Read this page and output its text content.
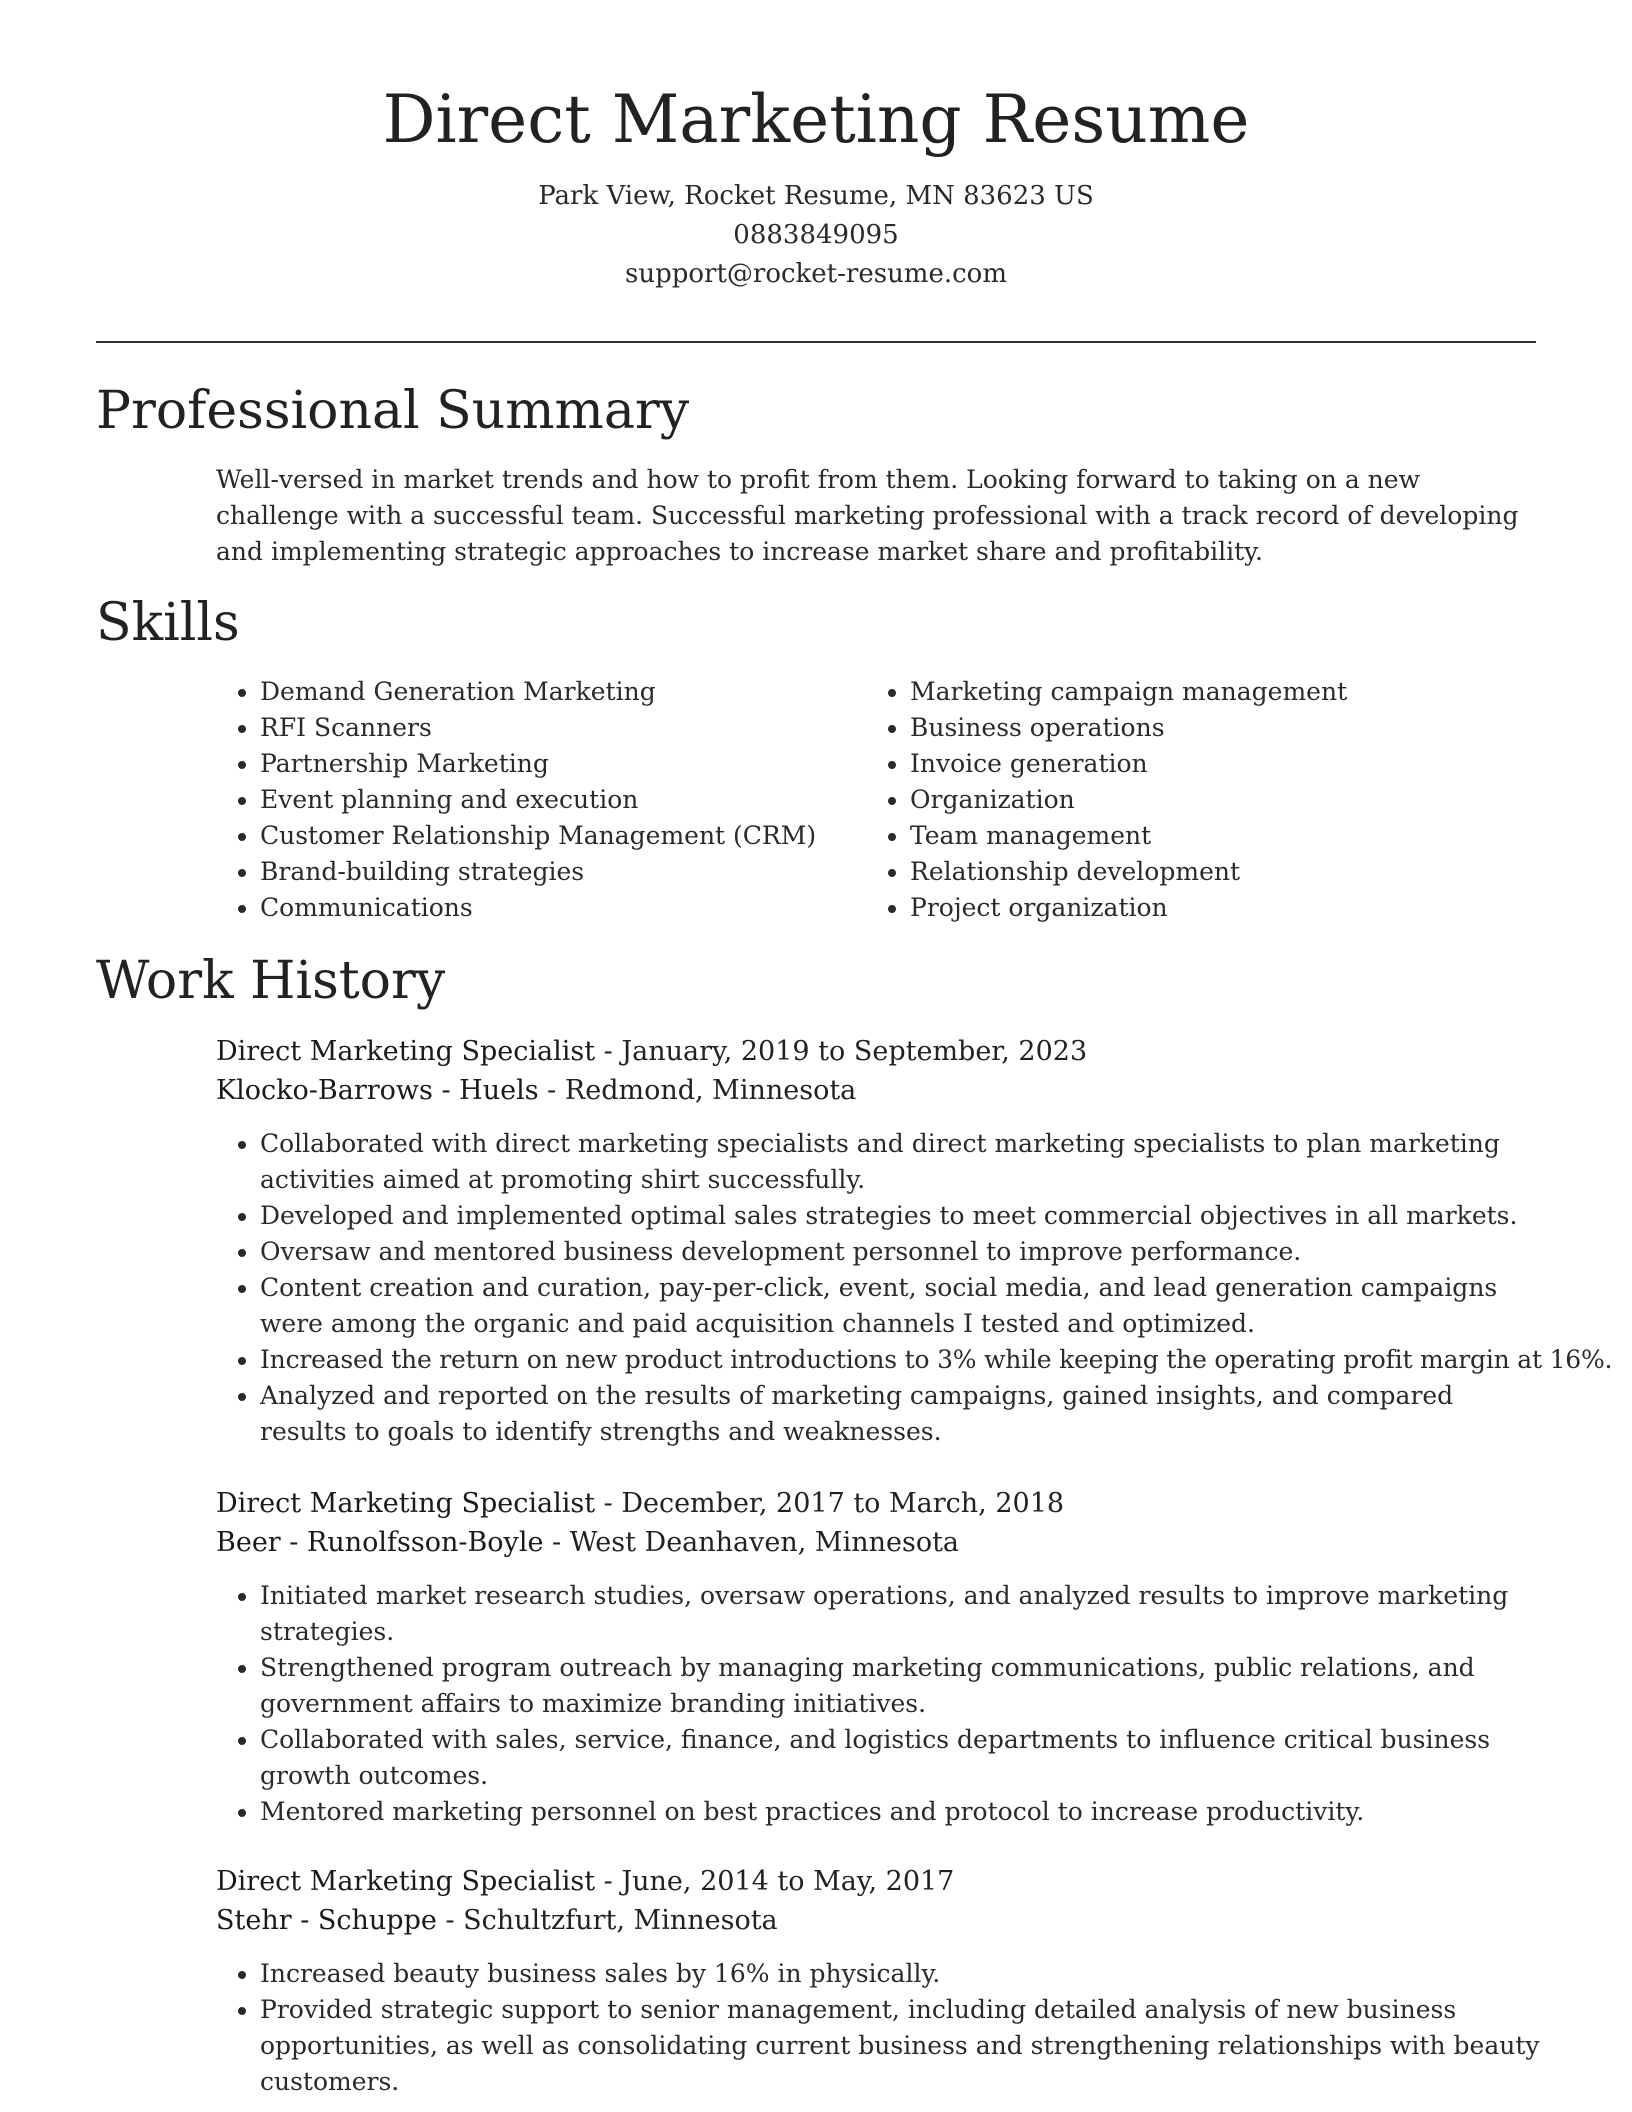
Direct Marketing Resume
Park View, Rocket Resume, MN 83623 US
0883849095
support@rocket-resume.com
Professional Summary

Well-versed in market trends and how to profit from them. Looking forward to taking on a new challenge with a successful team. Successful marketing professional with a track record of developing and implementing strategic approaches to increase market share and profitability.

Skills
• Demand Generation Marketing
• RFI Scanners
• Partnership Marketing
• Event planning and execution
• Customer Relationship Management (CRM)
• Brand-building strategies
• Communications
• Marketing campaign management
• Business operations
• Invoice generation
• Organization
• Team management
• Relationship development
• Project organization
Work History
Direct Marketing Specialist - January, 2019 to September, 2023
Klocko-Barrows - Huels - Redmond, Minnesota
• Collaborated with direct marketing specialists and direct marketing specialists to plan marketing activities aimed at promoting shirt successfully.
• Developed and implemented optimal sales strategies to meet commercial objectives in all markets.
• Oversaw and mentored business development personnel to improve performance.
• Content creation and curation, pay-per-click, event, social media, and lead generation campaigns were among the organic and paid acquisition channels I tested and optimized.
• Increased the return on new product introductions to 3% while keeping the operating profit margin at 16%.
• Analyzed and reported on the results of marketing campaigns, gained insights, and compared results to goals to identify strengths and weaknesses.
Direct Marketing Specialist - December, 2017 to March, 2018
Beer - Runolfsson-Boyle - West Deanhaven, Minnesota
• Initiated market research studies, oversaw operations, and analyzed results to improve marketing strategies.
• Strengthened program outreach by managing marketing communications, public relations, and government affairs to maximize branding initiatives.
• Collaborated with sales, service, finance, and logistics departments to influence critical business growth outcomes.
• Mentored marketing personnel on best practices and protocol to increase productivity.
Direct Marketing Specialist - June, 2014 to May, 2017
Stehr - Schuppe - Schultzfurt, Minnesota
• Increased beauty business sales by 16% in physically.
• Provided strategic support to senior management, including detailed analysis of new business opportunities, as well as consolidating current business and strengthening relationships with beauty customers.
